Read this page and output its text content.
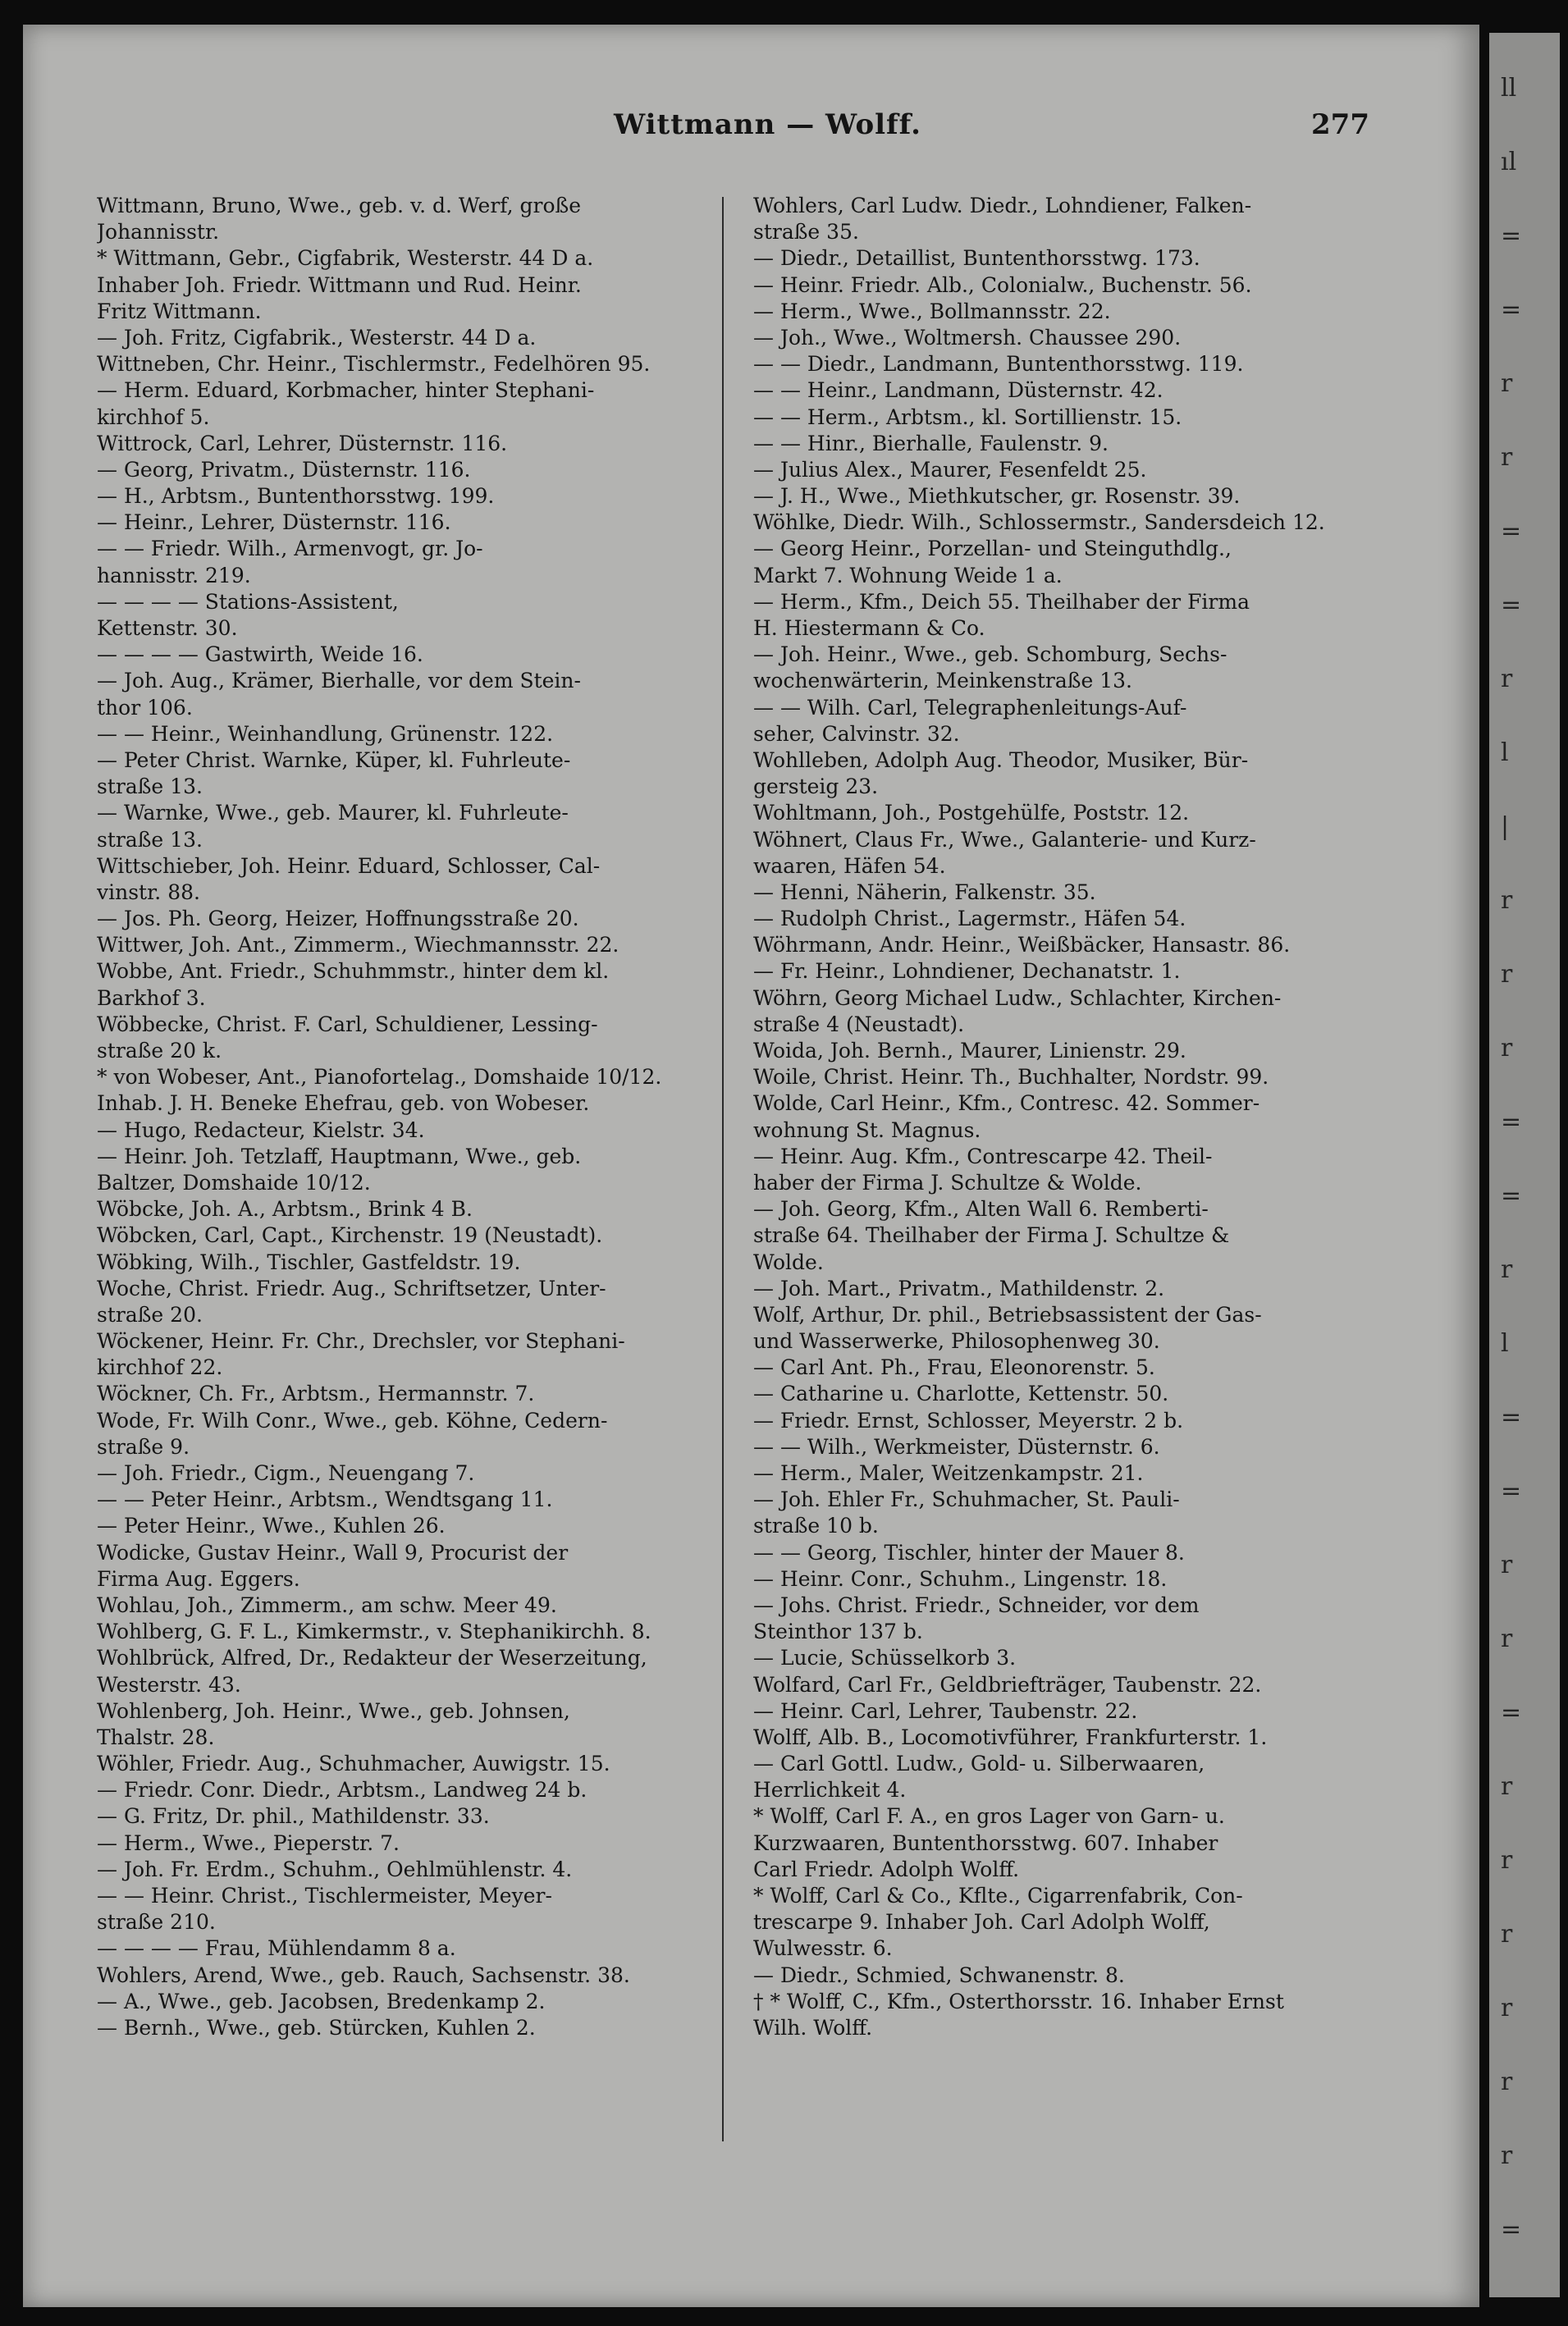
Wittmann — Wolff.	277
Wittmann, Bruno, Wwe., geb. v. d. Werf, große
Johannisstr.
* Wittmann, Gebr., Cigfabrik, Westerstr. 44 D a.
Inhaber Joh. Friedr. Wittmann und Rud. Heinr.
Fritz Wittmann.
— Joh. Fritz, Cigfabrik., Westerstr. 44 D a.
Wittneben, Chr. Heinr., Tischlermstr., Fedelhören 95.
— Herm. Eduard, Korbmacher, hinter Stephani-
kirchhof 5.
Wittrock, Carl, Lehrer, Düsternstr. 116.
— Georg, Privatm., Düsternstr. 116.
— H., Arbtsm., Buntenthorsstwg. 199.
— Heinr., Lehrer, Düsternstr. 116.
— — Friedr. Wilh., Armenvogt, gr. Jo-
hannisstr. 219.
— — — — Stations-Assistent,
Kettenstr. 30.
— — — — Gastwirth, Weide 16.
— Joh. Aug., Krämer, Bierhalle, vor dem Stein-
thor 106.
— — Heinr., Weinhandlung, Grünenstr. 122.
— Peter Christ. Warnke, Küper, kl. Fuhrleute-
straße 13.
— Warnke, Wwe., geb. Maurer, kl. Fuhrleute-
straße 13.
Wittschieber, Joh. Heinr. Eduard, Schlosser, Cal-
vinstr. 88.
— Jos. Ph. Georg, Heizer, Hoffnungsstraße 20.
Wittwer, Joh. Ant., Zimmerm., Wiechmannsstr. 22.
Wobbe, Ant. Friedr., Schuhmmstr., hinter dem kl.
Barkhof 3.
Wöbbecke, Christ. F. Carl, Schuldiener, Lessing-
straße 20 k.
* von Wobeser, Ant., Pianofortelag., Domshaide 10/12.
Inhab. J. H. Beneke Ehefrau, geb. von Wobeser.
— Hugo, Redacteur, Kielstr. 34.
— Heinr. Joh. Tetzlaff, Hauptmann, Wwe., geb.
Baltzer, Domshaide 10/12.
Wöbcke, Joh. A., Arbtsm., Brink 4 B.
Wöbcken, Carl, Capt., Kirchenstr. 19 (Neustadt).
Wöbking, Wilh., Tischler, Gastfeldstr. 19.
Woche, Christ. Friedr. Aug., Schriftsetzer, Unter-
straße 20.
Wöckener, Heinr. Fr. Chr., Drechsler, vor Stephani-
kirchhof 22.
Wöckner, Ch. Fr., Arbtsm., Hermannstr. 7.
Wode, Fr. Wilh Conr., Wwe., geb. Köhne, Cedern-
straße 9.
— Joh. Friedr., Cigm., Neuengang 7.
— — Peter Heinr., Arbtsm., Wendtsgang 11.
— Peter Heinr., Wwe., Kuhlen 26.
Wodicke, Gustav Heinr., Wall 9, Procurist der
Firma Aug. Eggers.
Wohlau, Joh., Zimmerm., am schw. Meer 49.
Wohlberg, G. F. L., Kimkermstr., v. Stephanikirchh. 8.
Wohlbrück, Alfred, Dr., Redakteur der Weserzeitung,
Westerstr. 43.
Wohlenberg, Joh. Heinr., Wwe., geb. Johnsen,
Thalstr. 28.
Wöhler, Friedr. Aug., Schuhmacher, Auwigstr. 15.
— Friedr. Conr. Diedr., Arbtsm., Landweg 24 b.
— G. Fritz, Dr. phil., Mathildenstr. 33.
— Herm., Wwe., Pieperstr. 7.
— Joh. Fr. Erdm., Schuhm., Oehlmühlenstr. 4.
— — Heinr. Christ., Tischlermeister, Meyer-
straße 210.
— — — — Frau, Mühlendamm 8 a.
Wohlers, Arend, Wwe., geb. Rauch, Sachsenstr. 38.
— A., Wwe., geb. Jacobsen, Bredenkamp 2.
— Bernh., Wwe., geb. Stürcken, Kuhlen 2.
Wohlers, Carl Ludw. Diedr., Lohndiener, Falken-
straße 35.
— Diedr., Detaillist, Buntenthorsstwg. 173.
— Heinr. Friedr. Alb., Colonialw., Buchenstr. 56.
— Herm., Wwe., Bollmannsstr. 22.
— Joh., Wwe., Woltmersh. Chaussee 290.
— — Diedr., Landmann, Buntenthorsstwg. 119.
— — Heinr., Landmann, Düsternstr. 42.
— — Herm., Arbtsm., kl. Sortillienstr. 15.
— — Hinr., Bierhalle, Faulenstr. 9.
— Julius Alex., Maurer, Fesenfeldt 25.
— J. H., Wwe., Miethkutscher, gr. Rosenstr. 39.
Wöhlke, Diedr. Wilh., Schlossermstr., Sandersdeich 12.
— Georg Heinr., Porzellan- und Steinguthdlg.,
Markt 7. Wohnung Weide 1 a.
— Herm., Kfm., Deich 55. Theilhaber der Firma
H. Hiestermann & Co.
— Joh. Heinr., Wwe., geb. Schomburg, Sechs-
wochenwärterin, Meinkenstraße 13.
— — Wilh. Carl, Telegraphenleitungs-Auf-
seher, Calvinstr. 32.
Wohlleben, Adolph Aug. Theodor, Musiker, Bür-
gersteig 23.
Wohltmann, Joh., Postgehülfe, Poststr. 12.
Wöhnert, Claus Fr., Wwe., Galanterie- und Kurz-
waaren, Häfen 54.
— Henni, Näherin, Falkenstr. 35.
— Rudolph Christ., Lagermstr., Häfen 54.
Wöhrmann, Andr. Heinr., Weißbäcker, Hansastr. 86.
— Fr. Heinr., Lohndiener, Dechanatstr. 1.
Wöhrn, Georg Michael Ludw., Schlachter, Kirchen-
straße 4 (Neustadt).
Woida, Joh. Bernh., Maurer, Linienstr. 29.
Woile, Christ. Heinr. Th., Buchhalter, Nordstr. 99.
Wolde, Carl Heinr., Kfm., Contresc. 42. Sommer-
wohnung St. Magnus.
— Heinr. Aug. Kfm., Contrescarpe 42. Theil-
haber der Firma J. Schultze & Wolde.
— Joh. Georg, Kfm., Alten Wall 6. Remberti-
straße 64. Theilhaber der Firma J. Schultze &
Wolde.
— Joh. Mart., Privatm., Mathildenstr. 2.
Wolf, Arthur, Dr. phil., Betriebsassistent der Gas-
und Wasserwerke, Philosophenweg 30.
— Carl Ant. Ph., Frau, Eleonorenstr. 5.
— Catharine u. Charlotte, Kettenstr. 50.
— Friedr. Ernst, Schlosser, Meyerstr. 2 b.
— — Wilh., Werkmeister, Düsternstr. 6.
— Herm., Maler, Weitzenkampstr. 21.
— Joh. Ehler Fr., Schuhmacher, St. Pauli-
straße 10 b.
— — Georg, Tischler, hinter der Mauer 8.
— Heinr. Conr., Schuhm., Lingenstr. 18.
— Johs. Christ. Friedr., Schneider, vor dem
Steinthor 137 b.
— Lucie, Schüsselkorb 3.
Wolfard, Carl Fr., Geldbriefträger, Taubenstr. 22.
— Heinr. Carl, Lehrer, Taubenstr. 22.
Wolff, Alb. B., Locomotivführer, Frankfurterstr. 1.
— Carl Gottl. Ludw., Gold- u. Silberwaaren,
Herrlichkeit 4.
* Wolff, Carl F. A., en gros Lager von Garn- u.
Kurzwaaren, Buntenthorsstwg. 607. Inhaber
Carl Friedr. Adolph Wolff.
* Wolff, Carl & Co., Kfltе., Cigarrenfabrik, Con-
trescarpe 9. Inhaber Joh. Carl Adolph Wolff,
Wulwesstr. 6.
— Diedr., Schmied, Schwanenstr. 8.
† * Wolff, C., Kfm., Osterthorsstr. 16. Inhaber Ernst
Wilh. Wolff.
ll
ıl
=
=
r
r
=
=
r
l
|
r
r
r
=
=
r
l
=
=
r
r
=
r
r
r
r
r
r
=
